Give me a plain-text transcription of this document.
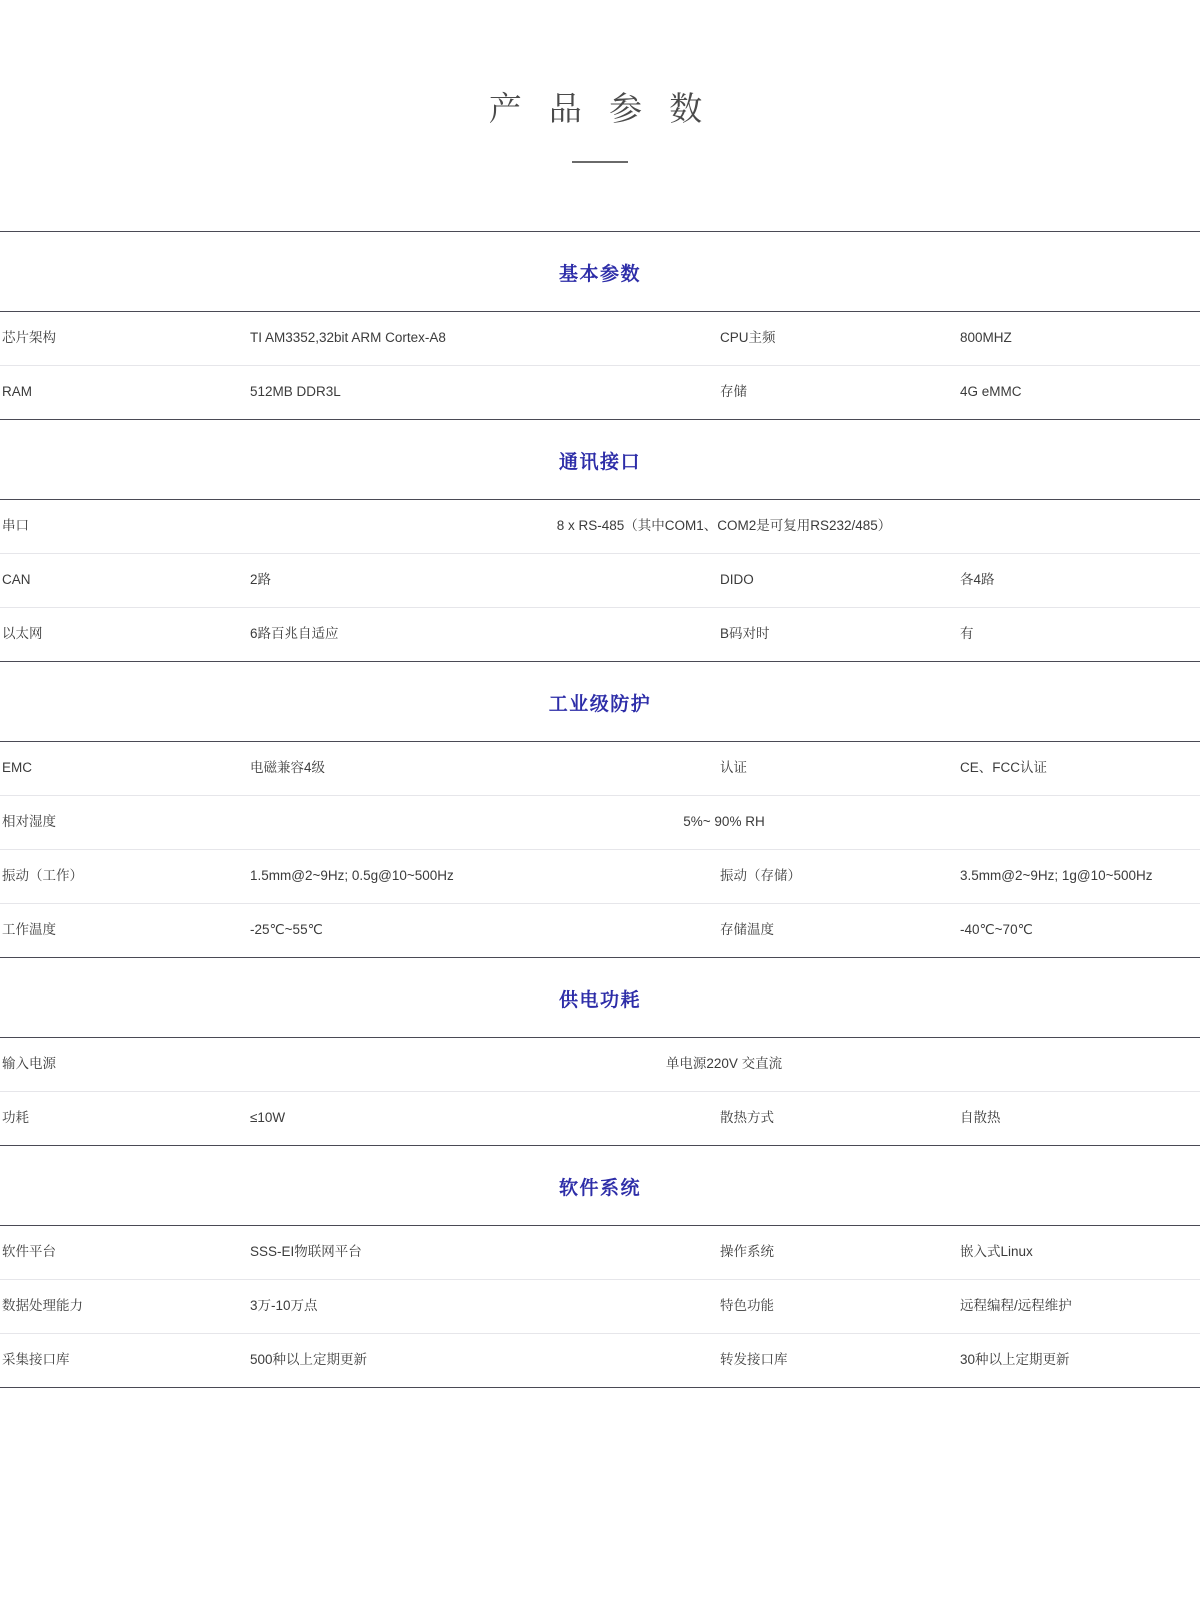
产 品 参 数
基本参数
芯片架构	TI AM3352,32bit ARM Cortex-A8	CPU主频	800MHZ
RAM	512MB DDR3L	存储	4G eMMC
通讯接口
串口	8 x RS-485（其中COM1、COM2是可复用RS232/485）
CAN	2路	DIDO	各4路
以太网	6路百兆自适应	B码对时	有
工业级防护
EMC	电磁兼容4级	认证	CE、FCC认证
相对湿度	5%~ 90% RH
振动（工作）	1.5mm@2~9Hz; 0.5g@10~500Hz	振动（存储）	3.5mm@2~9Hz; 1g@10~500Hz
工作温度	-25℃~55℃	存储温度	-40℃~70℃
供电功耗
输入电源	单电源220V 交直流
功耗	≤10W	散热方式	自散热
软件系统
软件平台	SSS-EI物联网平台	操作系统	嵌入式Linux
数据处理能力	3万-10万点	特色功能	远程编程/远程维护
采集接口库	500种以上定期更新	转发接口库	30种以上定期更新
